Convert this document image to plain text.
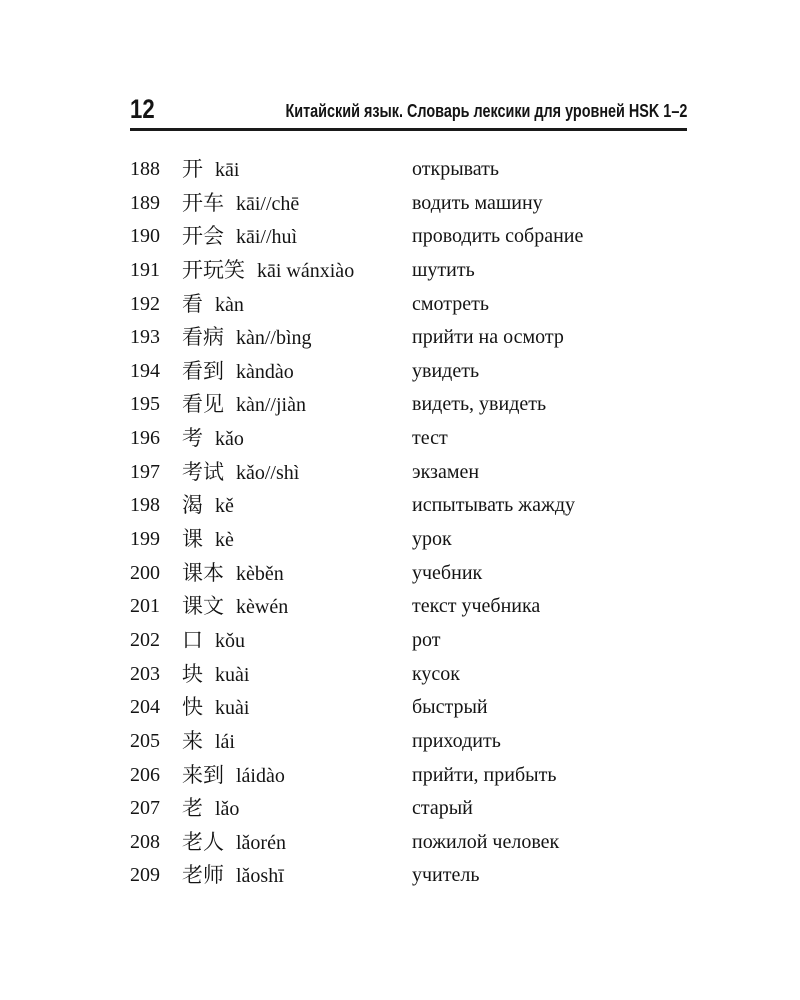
12	Китайский язык. Словарь лексики для уровней HSK 1–2
188 开 kāi	открывать
189 开车 kāi//chē	водить машину
190 开会 kāi//huì	проводить собрание
191 开玩笑 kāi wánxiào	шутить
192 看 kàn	смотреть
193 看病 kàn//bìng	прийти на осмотр
194 看到 kàndào	увидеть
195 看见 kàn//jiàn	видеть, увидеть
196 考 kǎo	тест
197 考试 kǎo//shì	экзамен
198 渴 kě	испытывать жажду
199 课 kè	урок
200 课本 kèběn	учебник
201 课文 kèwén	текст учебника
202 口 kǒu	рот
203 块 kuài	кусок
204 快 kuài	быстрый
205 来 lái	приходить
206 来到 láidào	прийти, прибыть
207 老 lǎo	старый
208 老人 lǎorén	пожилой человек
209 老师 lǎoshī	учитель
